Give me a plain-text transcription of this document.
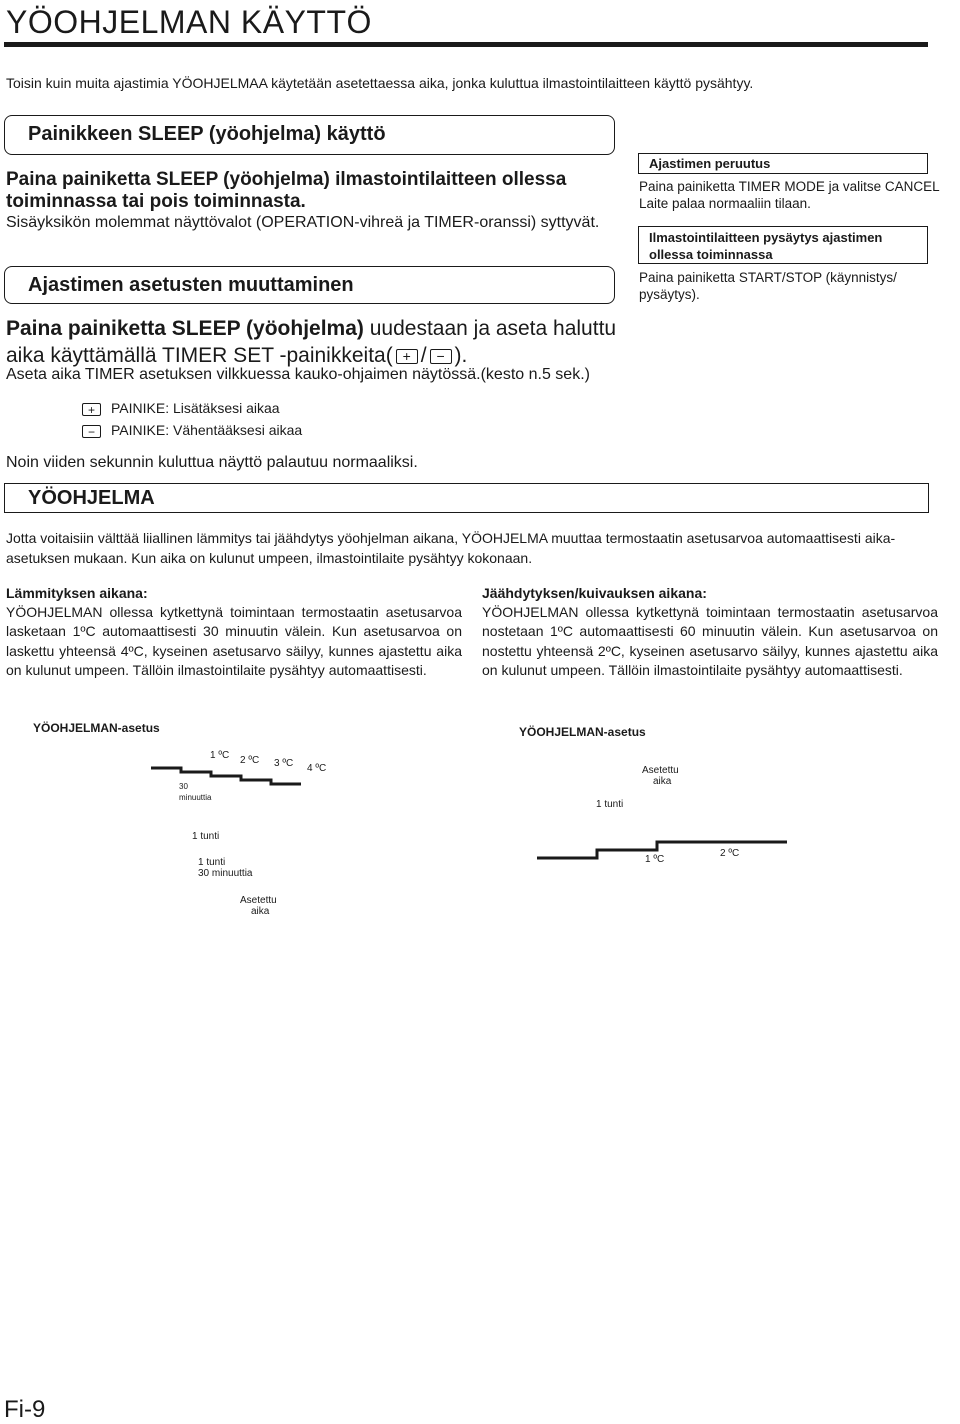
YÖOHJELMAN KÄYTTÖ
Toisin kuin muita ajastimia YÖOHJELMAA käytetään asetettaessa aika, jonka kuluttua ilmastointilaitteen käyttö pysähtyy.
Painikkeen SLEEP (yöohjelma) käyttö
Paina painiketta SLEEP (yöohjelma) ilmastointilaitteen ollessa toiminnassa tai pois toiminnasta.
Sisäyksikön molemmat näyttövalot (OPERATION-vihreä ja TIMER-oranssi) syttyvät.
Ajastimen asetusten muuttaminen
Paina painiketta SLEEP (yöohjelma) uudestaan ja aseta haluttu aika käyttämällä TIMER SET -painikkeita( + / − ).
Aseta aika TIMER asetuksen vilkkuessa kauko-ohjaimen näytössä.(kesto n.5 sek.)
+ PAINIKE: Lisätäksesi aikaa
− PAINIKE: Vähentääksesi aikaa
Noin viiden sekunnin kuluttua näyttö palautuu normaaliksi.
YÖOHJELMA
Jotta voitaisiin välttää liiallinen lämmitys tai jäähdytys yöohjelman aikana, YÖOHJELMA muuttaa termostaatin asetusarvoa automaattisesti aika-asetuksen mukaan. Kun aika on kulunut umpeen, ilmastointilaite pysähtyy kokonaan.
Lämmityksen aikana:
YÖOHJELMAN ollessa kytkettynä toimintaan termostaatin asetusarvoa lasketaan 1ºC automaattisesti 30 minuutin välein. Kun asetusarvoa on laskettu yhteensä 4ºC, kyseinen asetusarvo säilyy, kunnes ajastettu aika on kulunut umpeen. Tällöin ilmastointilaite pysähtyy automaattisesti.
Jäähdytyksen/kuivauksen aikana:
YÖOHJELMAN ollessa kytkettynä toimintaan termostaatin asetusarvoa nostetaan 1ºC automaattisesti 60 minuutin välein. Kun asetusarvoa on nostettu yhteensä 2ºC, kyseinen asetusarvo säilyy, kunnes ajastettu aika on kulunut umpeen. Tällöin ilmastointilaite pysähtyy automaattisesti.
Ajastimen peruutus
Paina painiketta TIMER MODE ja valitse CANCEL Laite palaa normaaliin tilaan.
Ilmastointilaitteen pysäytys ajastimen ollessa toiminnassa
Paina painiketta START/STOP (käynnistys/ pysäytys).
YÖOHJELMAN-asetus
1 ºC 2 ºC 3 ºC 4 ºC
30
minuuttia
1 tunti
1 tunti
30 minuuttia
Asetettu
aika
YÖOHJELMAN-asetus
1 ºC
2 ºC
1 tunti
Asetettu
aika
Fi-9
